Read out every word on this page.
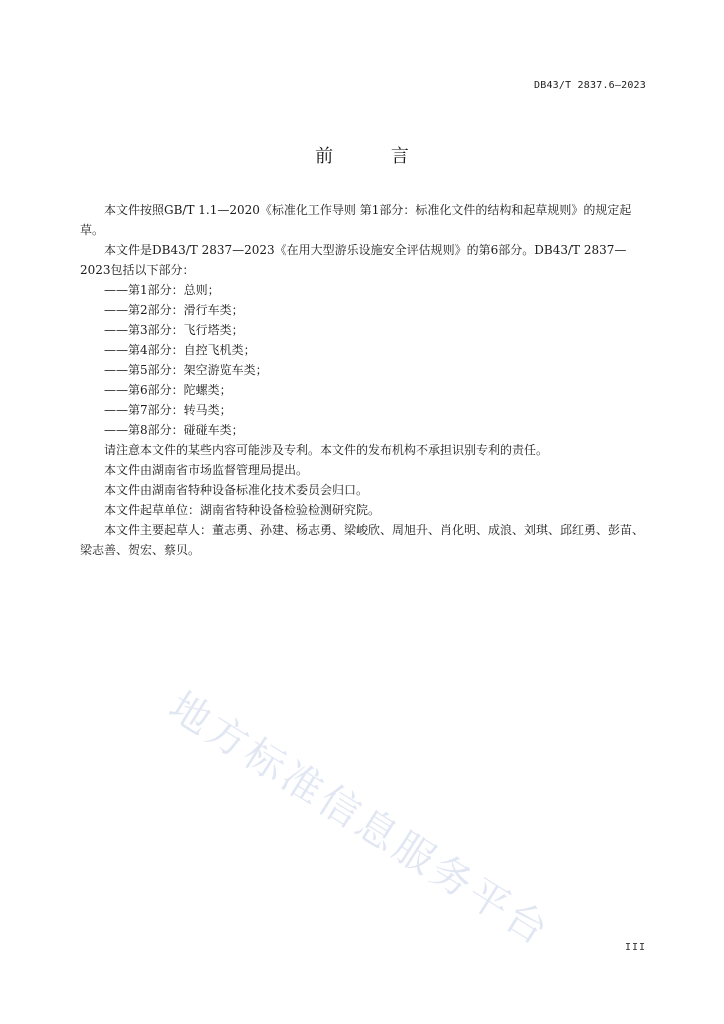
DB43/T 2837.6—2023
前 言

本文件按照GB/T 1.1—2020《标准化工作导则 第1部分：标准化文件的结构和起草规则》的规定起草。

本文件是DB43/T 2837—2023《在用大型游乐设施安全评估规则》的第6部分。DB43/T 2837—2023包括以下部分：

——第1部分：总则；

——第2部分：滑行车类；

——第3部分：飞行塔类；

——第4部分：自控飞机类；

——第5部分：架空游览车类；

——第6部分：陀螺类；

——第7部分：转马类；

——第8部分：碰碰车类；

请注意本文件的某些内容可能涉及专利。本文件的发布机构不承担识别专利的责任。

本文件由湖南省市场监督管理局提出。

本文件由湖南省特种设备标准化技术委员会归口。

本文件起草单位：湖南省特种设备检验检测研究院。

本文件主要起草人：董志勇、孙建、杨志勇、梁峻欣、周旭升、肖化明、成浪、刘琪、邱红勇、彭苗、梁志善、贺宏、蔡贝。

地方标准信息服务平台	III
